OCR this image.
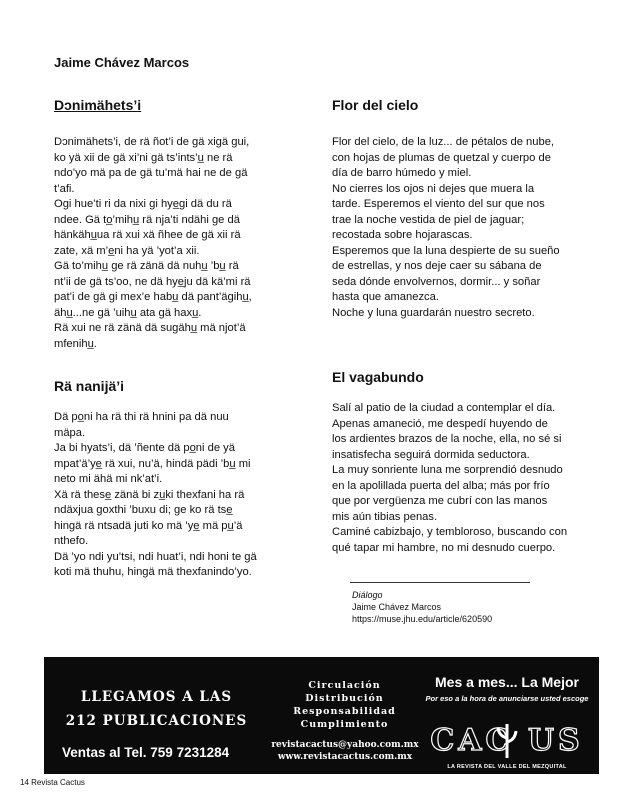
Jaime Chávez Marcos

Dɔnimähets’i

Dɔnimähets’i, de rä ñot’i de gä xigä gui,
ko yä xii de gä xi’ni gä ts’ints’u̲ ne rä
ndo’yo mä pa de gä tu’mä hai ne de gä
t’afi.
Ogi hue’ti ri da nixi gi hye̲gi dä du rä
ndee. Gä to̲’mihu̲ rä nja’ti ndähi ge dä
hänkähu̲ua rä xui xä ñhee de gä xii rä
zate, xä m’e̲ni ha yä ’yot’a xii.
Gä to’mihu̲ ge rä zänä dä nuhu̲ ’bu̲ rä
nt’ii de gä ts’oo, ne dä hye̲ju dä kä’mi rä
pat’i de gä gi mex’e habu̲ dä pant’ägihu̲,
ähu̲...ne gä ’uihu̲ ata gä haxu̲.
Rä xui ne rä zänä dä sugähu̲ mä njot’ä
mfenihu̲.

Rä nanijä’i

Dä po̲ni ha rä thi rä hnini pa dä nuu
mäpa.
Ja bi hyats’i, dä ’ñente dä po̲ni de yä
mpat’ä’ye̲ rä xui, nu’ä, hindä pädi ’bu̲ mi
neto mi ähä mi nk’at’i.
Xä rä these̲ zänä bi zu̲ki thexfani ha rä
ndäxjua goxthi ’buxu di; ge ko rä tse̲
hingä rä ntsadä juti ko mä ’ye̲ mä pu̲’ä
nthefo.
Dä ’yo ndi yu’tsi, ndi huat’i, ndi honi te gä
koti mä thuhu, hingä mä thexfanindo’yo.

Flor del cielo

Flor del cielo, de la luz... de pétalos de nube,
con hojas de plumas de quetzal y cuerpo de
día de barro húmedo y miel.
No cierres los ojos ni dejes que muera la
tarde. Esperemos el viento del sur que nos
trae la noche vestida de piel de jaguar;
recostada sobre hojarascas.
Esperemos que la luna despierte de su sueño
de estrellas, y nos deje caer su sábana de
seda dónde envolvernos, dormir... y soñar
hasta que amanezca.
Noche y luna guardarán nuestro secreto.

El vagabundo

Salí al patio de la ciudad a contemplar el día.
Apenas amaneció, me despedí huyendo de
los ardientes brazos de la noche, ella, no sé si
insatisfecha seguirá dormida seductora.
La muy sonriente luna me sorprendió desnudo
en la apolillada puerta del alba; más por frío
que por vergüenza me cubrí con las manos
mis aún tibias penas.
Caminé cabizbajo, y tembloroso, buscando con
qué tapar mi hambre, no mi desnudo cuerpo.

Diálogo
Jaime Chávez Marcos
https://muse.jhu.edu/article/620590
LLEGAMOS A LAS
212 PUBLICACIONES
Ventas al Tel. 759 7231284
Circulación
Distribución
Responsabilidad
Cumplimiento
revistacactus@yahoo.com.mx
www.revistacactus.com.mx
Mes a mes... La Mejor
Por eso a la hora de anunciarse usted escoge
CAC US
LA REVISTA DEL VALLE DEL MEZQUITAL
14 Revista Cactus
